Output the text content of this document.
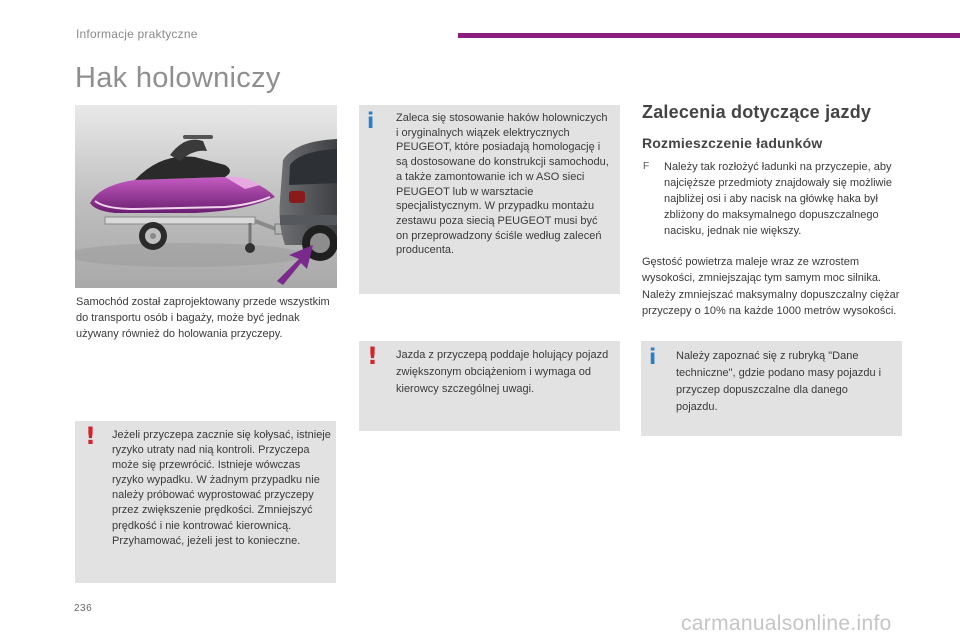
Informacje praktyczne
Hak holowniczy

Samochód został zaprojektowany przede wszystkim do transportu osób i bagaży, może być jednak używany również do holowania przyczepy.

i Zaleca się stosowanie haków holowniczych i oryginalnych wiązek elektrycznych PEUGEOT, które posiadają homologację i są dostosowane do konstrukcji samochodu, a także zamontowanie ich w ASO sieci PEUGEOT lub w warsztacie specjalistycznym. W przypadku montażu zestawu poza siecią PEUGEOT musi być on przeprowadzony ściśle według zaleceń producenta.

! Jazda z przyczepą poddaje holujący pojazd zwiększonym obciążeniom i wymaga od kierowcy szczególnej uwagi.

! Jeżeli przyczepa zacznie się kołysać, istnieje ryzyko utraty nad nią kontroli. Przyczepa może się przewrócić. Istnieje wówczas ryzyko wypadku. W żadnym przypadku nie należy próbować wyprostować przyczepy przez zwiększenie prędkości. Zmniejszyć prędkość i nie kontrować kierownicą. Przyhamować, jeżeli jest to konieczne.

Zalecenia dotyczące jazdy
Rozmieszczenie ładunków
F Należy tak rozłożyć ładunki na przyczepie, aby najcięższe przedmioty znajdowały się możliwie najbliżej osi i aby nacisk na główkę haka był zbliżony do maksymalnego dopuszczalnego nacisku, jednak nie większy.

Gęstość powietrza maleje wraz ze wzrostem wysokości, zmniejszając tym samym moc silnika. Należy zmniejszać maksymalny dopuszczalny ciężar przyczepy o 10% na każde 1000 metrów wysokości.

i Należy zapoznać się z rubryką "Dane techniczne", gdzie podano masy pojazdu i przyczep dopuszczalne dla danego pojazdu.

236
carmanualsonline.info
